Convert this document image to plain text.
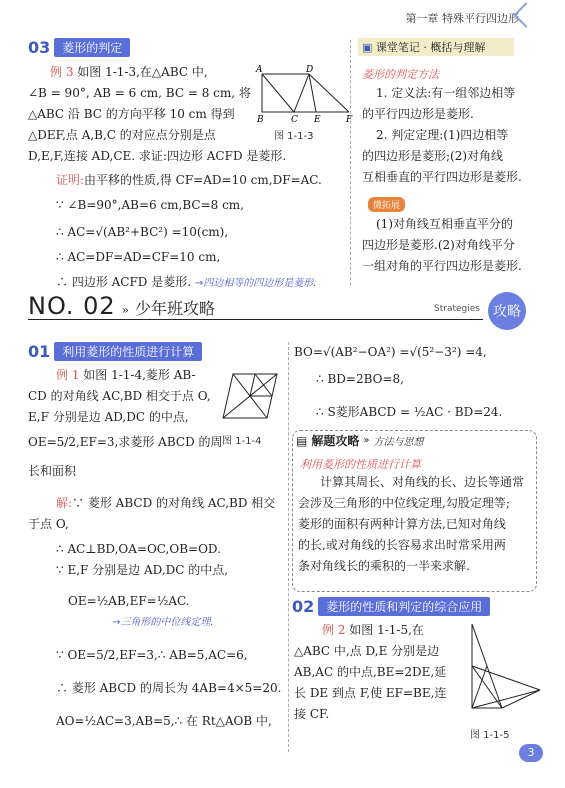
第一章 特殊平行四边形
03	菱形的判定
例 3 如图 1-1-3,在△ABC 中,
∠B = 90°, AB = 6 cm, BC = 8 cm, 将
△ABC 沿 BC 的方向平移 10 cm 得到
△DEF,点 A,B,C 的对应点分别是点
D,E,F,连接 AD,CE. 求证:四边形 ACFD 是菱形.
A	D
B	C E	F
图 1-1-3
证明:由平移的性质,得 CF=AD=10 cm,DF=AC.
∵ ∠B=90°,AB=6 cm,BC=8 cm,
∴ AC=√(AB²+BC²) =10(cm),
∴ AC=DF=AD=CF=10 cm,
∴ 四边形 ACFD 是菱形. →四边相等的四边形是菱形.
▣ 课堂笔记 · 概括与理解
菱形的判定方法
1. 定义法:有一组邻边相等
的平行四边形是菱形.
2. 判定定理:(1)四边相等
的四边形是菱形;(2)对角线
互相垂直的平行四边形是菱形.
微拓展
(1)对角线互相垂直平分的
四边形是菱形.(2)对角线平分
一组对角的平行四边形是菱形.
NO. 02 » 少年班攻略	Strategies 攻略
01	利用菱形的性质进行计算
例 1 如图 1-1-4,菱形 AB-
CD 的对角线 AC,BD 相交于点 O,
E,F 分别是边 AD,DC 的中点,
OE=5/2,EF=3,求菱形 ABCD 的周
长和面积
图 1-1-4
解:∵ 菱形 ABCD 的对角线 AC,BD 相交
于点 O,
∴ AC⊥BD,OA=OC,OB=OD.
∵ E,F 分别是边 AD,DC 的中点,
OE=½AB,EF=½AC.
→三角形的中位线定理.
∵ OE=5/2,EF=3,∴ AB=5,AC=6,
∴ 菱形 ABCD 的周长为 4AB=4×5=20.
AO=½AC=3,AB=5,∴ 在 Rt△AOB 中,
BO=√(AB²−OA²) =√(5²−3²) =4,
∴ BD=2BO=8,
∴ S菱形ABCD = ½AC · BD=24.
▤ 解题攻略 » 方法与思想
利用菱形的性质进行计算
计算其周长、对角线的长、边长等通常
会涉及三角形的中位线定理,勾股定理等;
菱形的面积有两种计算方法,已知对角线
的长,或对角线的长容易求出时常采用两
条对角线长的乘积的一半来求解.
02	菱形的性质和判定的综合应用
例 2 如图 1-1-5,在
△ABC 中,点 D,E 分别是边
AB,AC 的中点,BE=2DE,延
长 DE 到点 F,使 EF=BE,连
接 CF.
图 1-1-5
3
